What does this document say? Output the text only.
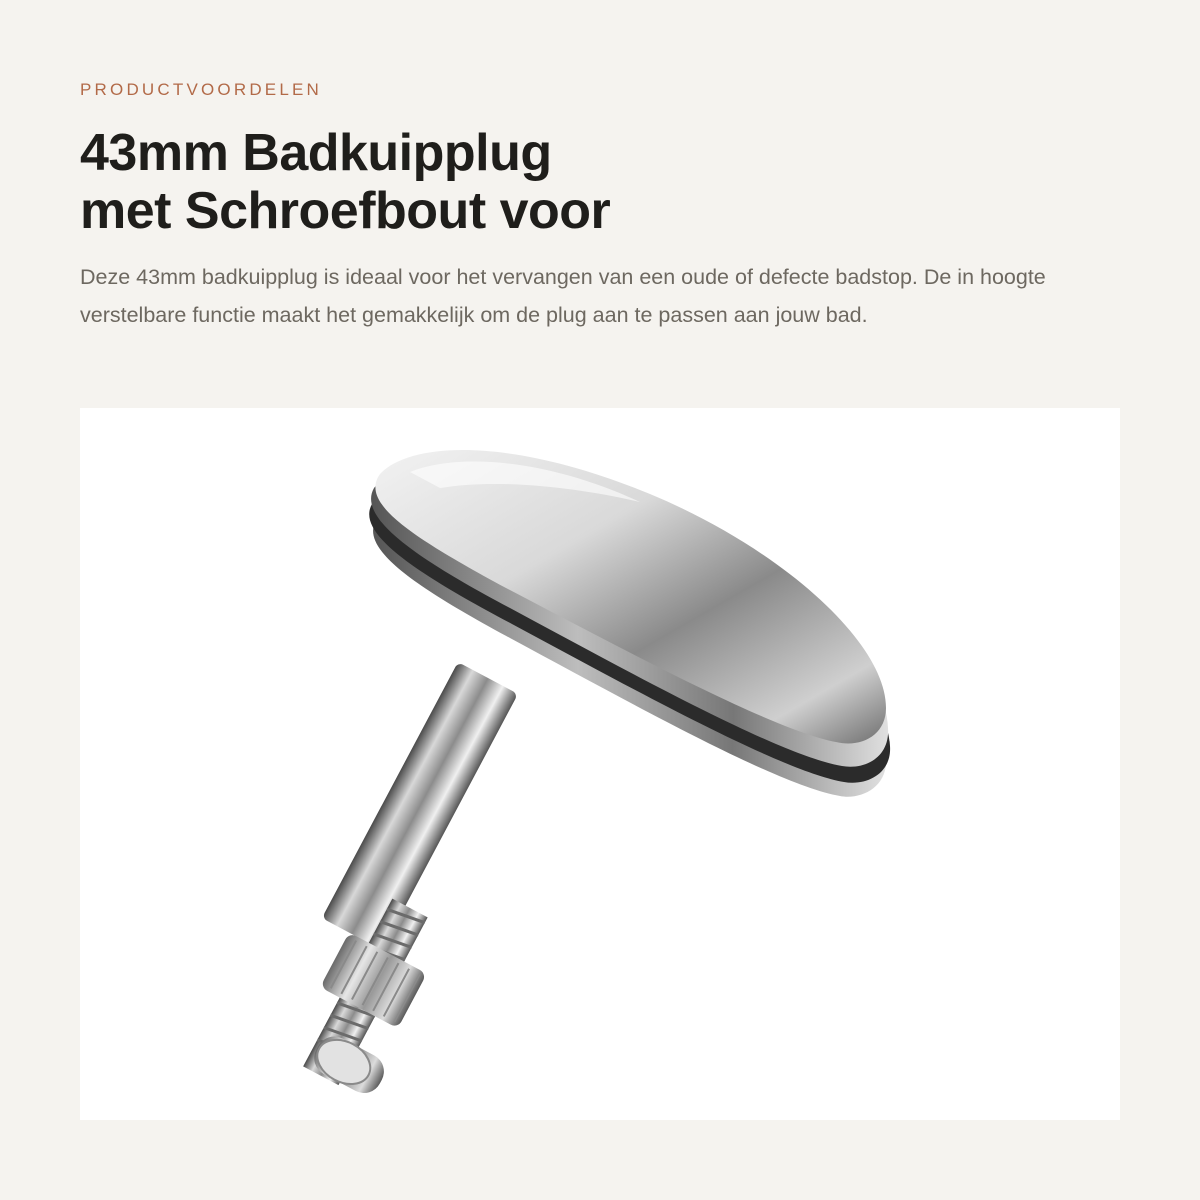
PRODUCTVOORDELEN

43mm Badkuipplug
met Schroefbout voor

Deze 43mm badkuipplug is ideaal voor het vervangen van een oude of defecte badstop. De in hoogte verstelbare functie maakt het gemakkelijk om de plug aan te passen aan jouw bad.
